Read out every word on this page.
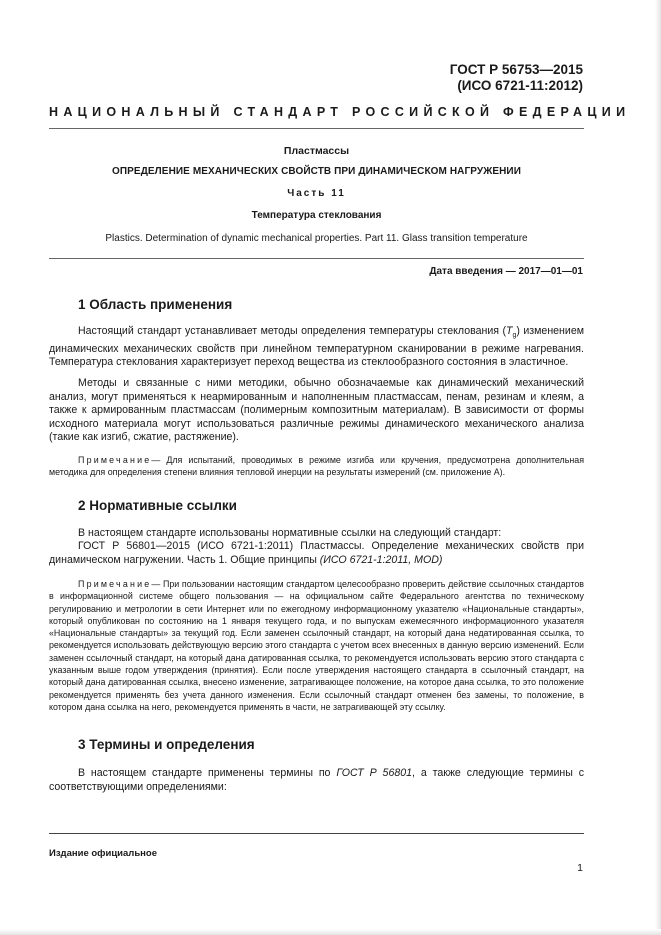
ГОСТ Р 56753—2015
(ИСО 6721-11:2012)
НАЦИОНАЛЬНЫЙ СТАНДАРТ РОССИЙСКОЙ ФЕДЕРАЦИИ
Пластмассы
ОПРЕДЕЛЕНИЕ МЕХАНИЧЕСКИХ СВОЙСТВ ПРИ ДИНАМИЧЕСКОМ НАГРУЖЕНИИ
Часть 11
Температура стеклования
Plastics. Determination of dynamic mechanical properties. Part 11. Glass transition temperature
Дата введения — 2017—01—01
1 Область применения

Настоящий стандарт устанавливает методы определения температуры стеклования $(T_g)$ изменением динамических механических свойств при линейном температурном сканировании в режиме нагревания. Температура стеклования характеризует переход вещества из стеклообразного состояния в эластичное.

Методы и связанные с ними методики, обычно обозначаемые как динамический механический анализ, могут применяться к неармированным и наполненным пластмассам, пенам, резинам и клеям, а также к армированным пластмассам (полимерным композитным материалам). В зависимости от формы исходного материала могут использоваться различные режимы динамического механического анализа (такие как изгиб, сжатие, растяжение).

Примечание— Для испытаний, проводимых в режиме изгиба или кручения, предусмотрена дополнительная методика для определения степени влияния тепловой инерции на результаты измерений (см. приложение А).

2 Нормативные ссылки

В настоящем стандарте использованы нормативные ссылки на следующий стандарт:

ГОСТ Р 56801—2015 (ИСО 6721-1:2011) Пластмассы. Определение механических свойств при динамическом нагружении. Часть 1. Общие принципы (ИСО 6721-1:2011, MOD)

Примечание— При пользовании настоящим стандартом целесообразно проверить действие ссылочных стандартов в информационной системе общего пользования — на официальном сайте Федерального агентства по техническому регулированию и метрологии в сети Интернет или по ежегодному информационному указателю «Национальные стандарты», который опубликован по состоянию на 1 января текущего года, и по выпускам ежемесячного информационного указателя «Национальные стандарты» за текущий год. Если заменен ссылочный стандарт, на который дана недатированная ссылка, то рекомендуется использовать действующую версию этого стандарта с учетом всех внесенных в данную версию изменений. Если заменен ссылочный стандарт, на который дана датированная ссылка, то рекомендуется использовать версию этого стандарта с указанным выше годом утверждения (принятия). Если после утверждения настоящего стандарта в ссылочный стандарт, на который дана датированная ссылка, внесено изменение, затрагивающее положение, на которое дана ссылка, то это положение рекомендуется применять без учета данного изменения. Если ссылочный стандарт отменен без замены, то положение, в котором дана ссылка на него, рекомендуется применять в части, не затрагивающей эту ссылку.

3 Термины и определения

В настоящем стандарте применены термины по ГОСТ Р 56801, а также следующие термины с соответствующими определениями:

Издание официальное
1
